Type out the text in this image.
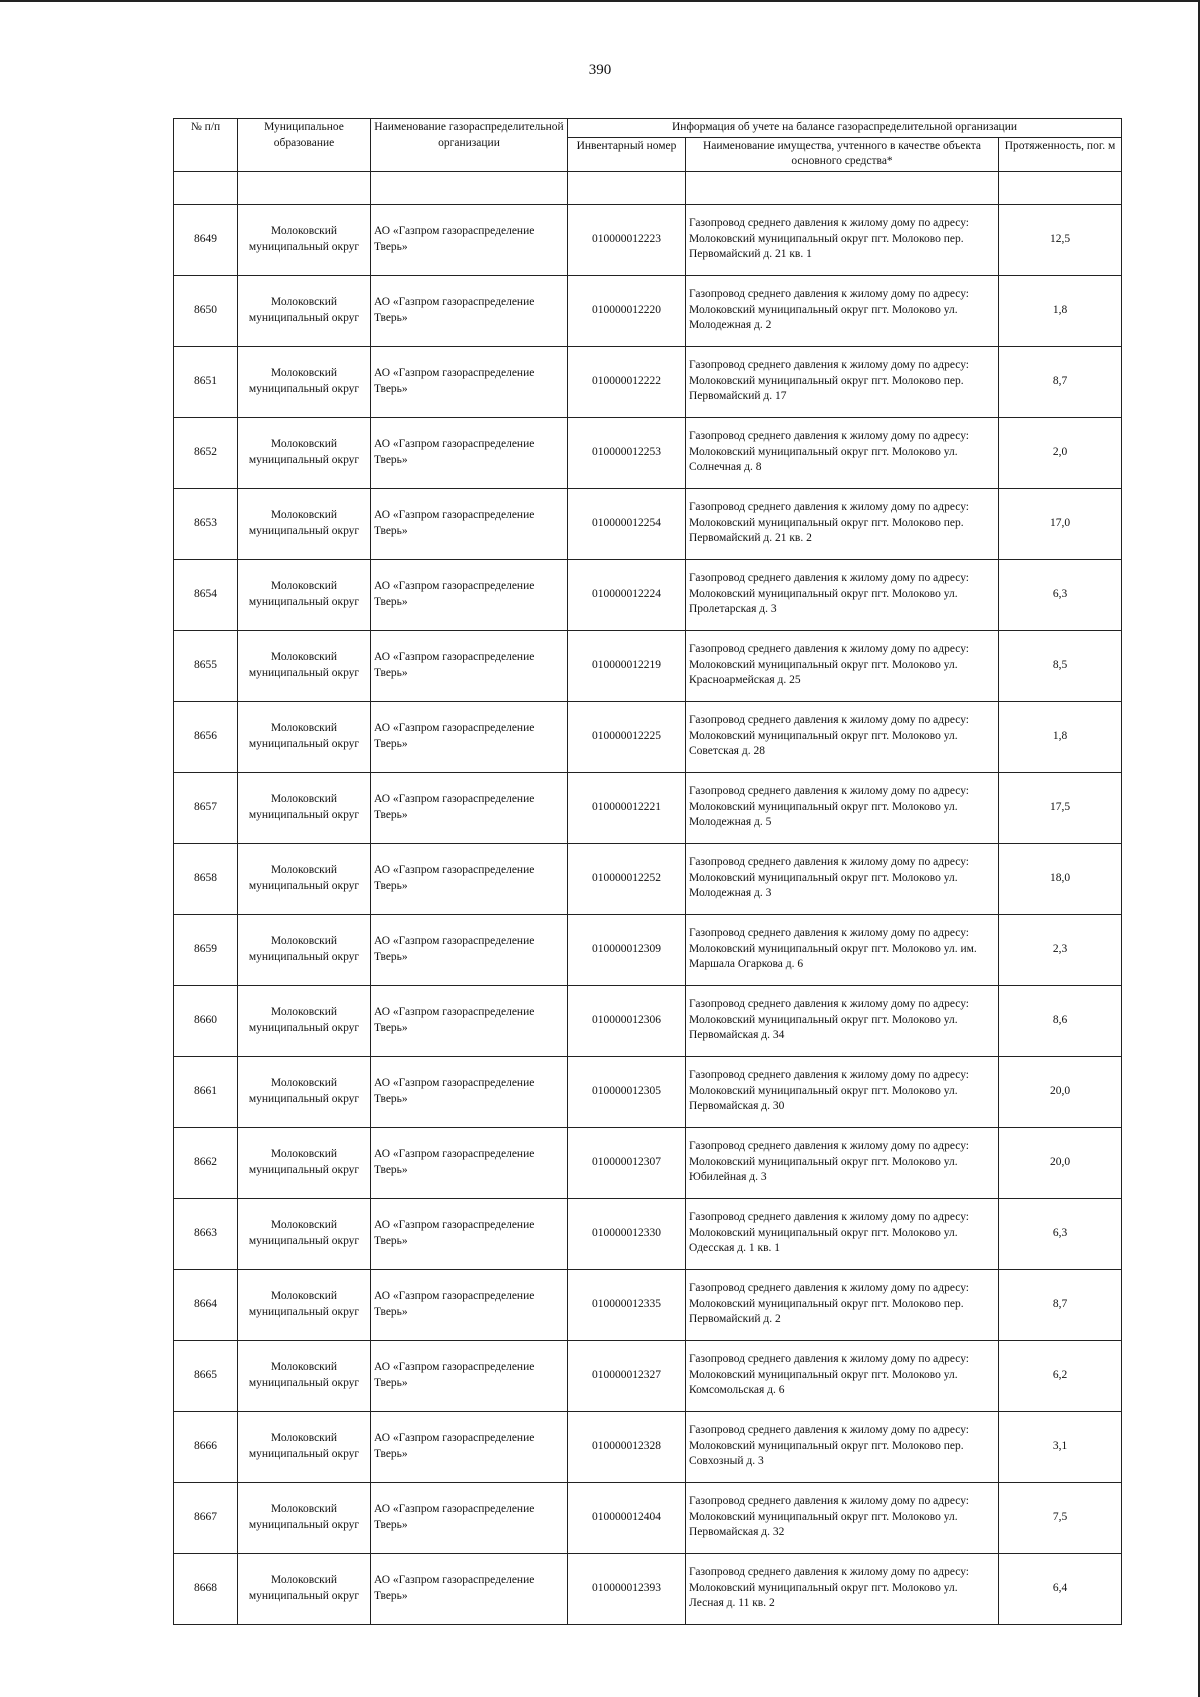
390
№ п/п	Муниципальное образование	Наименование газораспределительной организации	Информация об учете на балансе газораспределительной организации		
			Инвентарный номер	Наименование имущества, учтенного в качестве объекта основного средства*	Протяженность, пог. м

8649	Молоковский муниципальный округ	АО «Газпром газораспределение Тверь»	010000012223	Газопровод среднего давления к жилому дому по адресу: Молоковский муниципальный округ пгт. Молоково пер. Первомайский д. 21 кв. 1	12,5
8650	Молоковский муниципальный округ	АО «Газпром газораспределение Тверь»	010000012220	Газопровод среднего давления к жилому дому по адресу: Молоковский муниципальный округ пгт. Молоково ул. Молодежная д. 2	1,8
8651	Молоковский муниципальный округ	АО «Газпром газораспределение Тверь»	010000012222	Газопровод среднего давления к жилому дому по адресу: Молоковский муниципальный округ пгт. Молоково пер. Первомайский д. 17	8,7
8652	Молоковский муниципальный округ	АО «Газпром газораспределение Тверь»	010000012253	Газопровод среднего давления к жилому дому по адресу: Молоковский муниципальный округ пгт. Молоково ул. Солнечная д. 8	2,0
8653	Молоковский муниципальный округ	АО «Газпром газораспределение Тверь»	010000012254	Газопровод среднего давления к жилому дому по адресу: Молоковский муниципальный округ пгт. Молоково пер. Первомайский д. 21 кв. 2	17,0
8654	Молоковский муниципальный округ	АО «Газпром газораспределение Тверь»	010000012224	Газопровод среднего давления к жилому дому по адресу: Молоковский муниципальный округ пгт. Молоково ул. Пролетарская д. 3	6,3
8655	Молоковский муниципальный округ	АО «Газпром газораспределение Тверь»	010000012219	Газопровод среднего давления к жилому дому по адресу: Молоковский муниципальный округ пгт. Молоково ул. Красноармейская д. 25	8,5
8656	Молоковский муниципальный округ	АО «Газпром газораспределение Тверь»	010000012225	Газопровод среднего давления к жилому дому по адресу: Молоковский муниципальный округ пгт. Молоково ул. Советская д. 28	1,8
8657	Молоковский муниципальный округ	АО «Газпром газораспределение Тверь»	010000012221	Газопровод среднего давления к жилому дому по адресу: Молоковский муниципальный округ пгт. Молоково ул. Молодежная д. 5	17,5
8658	Молоковский муниципальный округ	АО «Газпром газораспределение Тверь»	010000012252	Газопровод среднего давления к жилому дому по адресу: Молоковский муниципальный округ пгт. Молоково ул. Молодежная д. 3	18,0
8659	Молоковский муниципальный округ	АО «Газпром газораспределение Тверь»	010000012309	Газопровод среднего давления к жилому дому по адресу: Молоковский муниципальный округ пгт. Молоково ул. им. Маршала Огаркова д. 6	2,3
8660	Молоковский муниципальный округ	АО «Газпром газораспределение Тверь»	010000012306	Газопровод среднего давления к жилому дому по адресу: Молоковский муниципальный округ пгт. Молоково ул. Первомайская д. 34	8,6
8661	Молоковский муниципальный округ	АО «Газпром газораспределение Тверь»	010000012305	Газопровод среднего давления к жилому дому по адресу: Молоковский муниципальный округ пгт. Молоково ул. Первомайская д. 30	20,0
8662	Молоковский муниципальный округ	АО «Газпром газораспределение Тверь»	010000012307	Газопровод среднего давления к жилому дому по адресу: Молоковский муниципальный округ пгт. Молоково ул. Юбилейная д. 3	20,0
8663	Молоковский муниципальный округ	АО «Газпром газораспределение Тверь»	010000012330	Газопровод среднего давления к жилому дому по адресу: Молоковский муниципальный округ пгт. Молоково ул. Одесская д. 1 кв. 1	6,3
8664	Молоковский муниципальный округ	АО «Газпром газораспределение Тверь»	010000012335	Газопровод среднего давления к жилому дому по адресу: Молоковский муниципальный округ пгт. Молоково пер. Первомайский д. 2	8,7
8665	Молоковский муниципальный округ	АО «Газпром газораспределение Тверь»	010000012327	Газопровод среднего давления к жилому дому по адресу: Молоковский муниципальный округ пгт. Молоково ул. Комсомольская д. 6	6,2
8666	Молоковский муниципальный округ	АО «Газпром газораспределение Тверь»	010000012328	Газопровод среднего давления к жилому дому по адресу: Молоковский муниципальный округ пгт. Молоково пер. Совхозный д. 3	3,1
8667	Молоковский муниципальный округ	АО «Газпром газораспределение Тверь»	010000012404	Газопровод среднего давления к жилому дому по адресу: Молоковский муниципальный округ пгт. Молоково ул. Первомайская д. 32	7,5
8668	Молоковский муниципальный округ	АО «Газпром газораспределение Тверь»	010000012393	Газопровод среднего давления к жилому дому по адресу: Молоковский муниципальный округ пгт. Молоково ул. Лесная д. 11 кв. 2	6,4
